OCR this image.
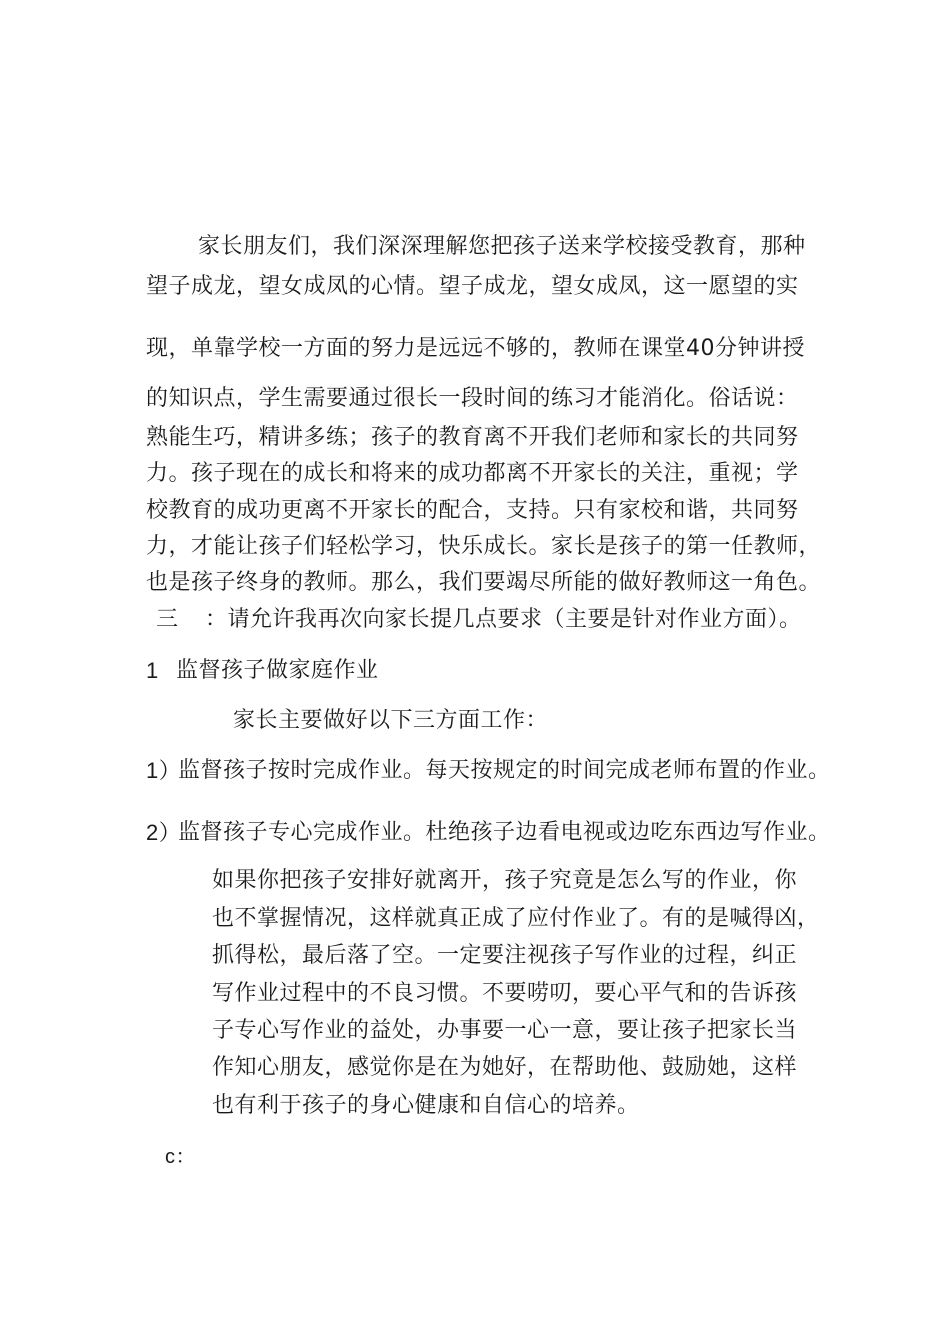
家长朋友们，我们深深理解您把孩子送来学校接受教育，那种
望子成龙，望女成凤的心情。望子成龙，望女成凤，这一愿望的实
现，单靠学校一方面的努力是远远不够的，教师在课堂40分钟讲授
的知识点，学生需要通过很长一段时间的练习才能消化。俗话说：
熟能生巧，精讲多练；孩子的教育离不开我们老师和家长的共同努
力。孩子现在的成长和将来的成功都离不开家长的关注，重视；学
校教育的成功更离不开家长的配合，支持。只有家校和谐，共同努
力，才能让孩子们轻松学习，快乐成长。家长是孩子的第一任教师，
也是孩子终身的教师。那么，我们要竭尽所能的做好教师这一角色。
三 ：请允许我再次向家长提几点要求（主要是针对作业方面）。
1 监督孩子做家庭作业
家长主要做好以下三方面工作：
1）
监督孩子按时完成作业。每天按规定的时间完成老师布置的作业。
2）
监督孩子专心完成作业。杜绝孩子边看电视或边吃东西边写作业。
如果你把孩子安排好就离开，孩子究竟是怎么写的作业，你
也不掌握情况，这样就真正成了应付作业了。有的是喊得凶，
抓得松，最后落了空。一定要注视孩子写作业的过程，纠正
写作业过程中的不良习惯。不要唠叨，要心平气和的告诉孩
子专心写作业的益处，办事要一心一意，要让孩子把家长当
作知心朋友，感觉你是在为她好，在帮助他、鼓励她，这样
也有利于孩子的身心健康和自信心的培养。
c：
